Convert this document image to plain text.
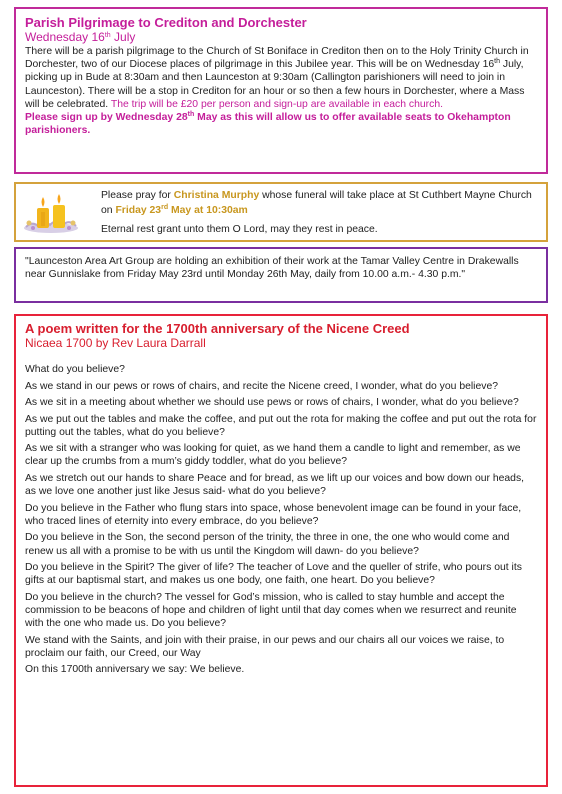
Parish Pilgrimage to Crediton and Dorchester
Wednesday 16th July
There will be a parish pilgrimage to the Church of St Boniface in Crediton then on to the Holy Trinity Church in Dorchester, two of our Diocese places of pilgrimage in this Jubilee year. This will be on Wednesday 16th July, picking up in Bude at 8:30am and then Launceston at 9:30am (Callington parishioners will need to join in Launceston). There will be a stop in Crediton for an hour or so then a few hours in Dorchester, where a Mass will be celebrated. The trip will be £20 per person and sign-up are available in each church.
Please sign up by Wednesday 28th May as this will allow us to offer available seats to Okehampton parishioners.
Please pray for Christina Murphy whose funeral will take place at St Cuthbert Mayne Church on Friday 23rd May at 10:30am
Eternal rest grant unto them O Lord, may they rest in peace.
"Launceston Area Art Group are holding an exhibition of their work at the Tamar Valley Centre in Drakewalls near Gunnislake from Friday May 23rd until Monday 26th May, daily from 10.00 a.m.- 4.30 p.m."
A poem written for the 1700th anniversary of the Nicene Creed
Nicaea 1700 by Rev Laura Darrall

What do you believe?

As we stand in our pews or rows of chairs, and recite the Nicene creed, I wonder, what do you believe?

As we sit in a meeting about whether we should use pews or rows of chairs, I wonder, what do you believe?

As we put out the tables and make the coffee, and put out the rota for making the coffee and put out the rota for putting out the tables, what do you believe?

As we sit with a stranger who was looking for quiet, as we hand them a candle to light and remember, as we clear up the crumbs from a mum’s giddy toddler, what do you believe?

As we stretch out our hands to share Peace and for bread, as we lift up our voices and bow down our heads, as we love one another just like Jesus said- what do you believe?

Do you believe in the Father who flung stars into space, whose benevolent image can be found in your face, who traced lines of eternity into every embrace, do you believe?

Do you believe in the Son, the second person of the trinity, the three in one, the one who would come and renew us all with a promise to be with us until the Kingdom will dawn- do you believe?

Do you believe in the Spirit? The giver of life? The teacher of Love and the queller of strife, who pours out its gifts at our baptismal start, and makes us one body, one faith, one heart. Do you believe?

Do you believe in the church? The vessel for God’s mission, who is called to stay humble and accept the commission to be beacons of hope and children of light until that day comes when we resurrect and reunite with the one who made us. Do you believe?

We stand with the Saints, and join with their praise, in our pews and our chairs all our voices we raise, to proclaim our faith, our Creed, our Way

On this 1700th anniversary we say: We believe.
